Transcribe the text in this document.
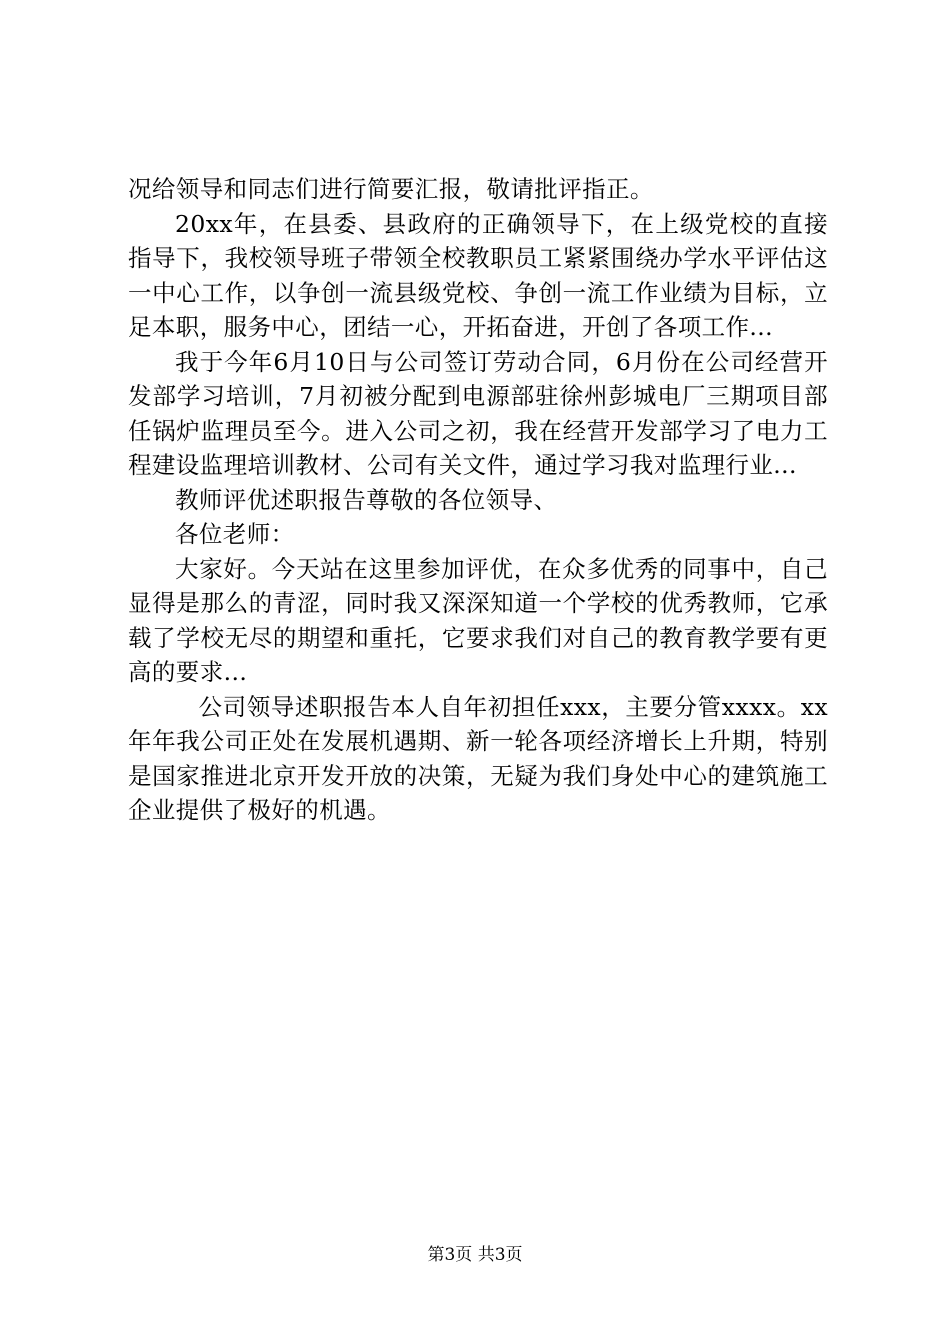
况给领导和同志们进行简要汇报，敬请批评指正。

20xx年，在县委、县政府的正确领导下，在上级党校的直接指导下，我校领导班子带领全校教职员工紧紧围绕办学水平评估这一中心工作，以争创一流县级党校、争创一流工作业绩为目标，立足本职，服务中心，团结一心，开拓奋进，开创了各项工作...

我于今年6月10日与公司签订劳动合同，6月份在公司经营开发部学习培训，7月初被分配到电源部驻徐州彭城电厂三期项目部任锅炉监理员至今。进入公司之初，我在经营开发部学习了电力工程建设监理培训教材、公司有关文件，通过学习我对监理行业...

教师评优述职报告尊敬的各位领导、

各位老师：

大家好。今天站在这里参加评优，在众多优秀的同事中，自己显得是那么的青涩，同时我又深深知道一个学校的优秀教师，它承载了学校无尽的期望和重托，它要求我们对自己的教育教学要有更高的要求...

公司领导述职报告本人自年初担任xxx，主要分管xxxx。xx年年我公司正处在发展机遇期、新一轮各项经济增长上升期，特别是国家推进北京开发开放的决策，无疑为我们身处中心的建筑施工企业提供了极好的机遇。

第3页 共3页
